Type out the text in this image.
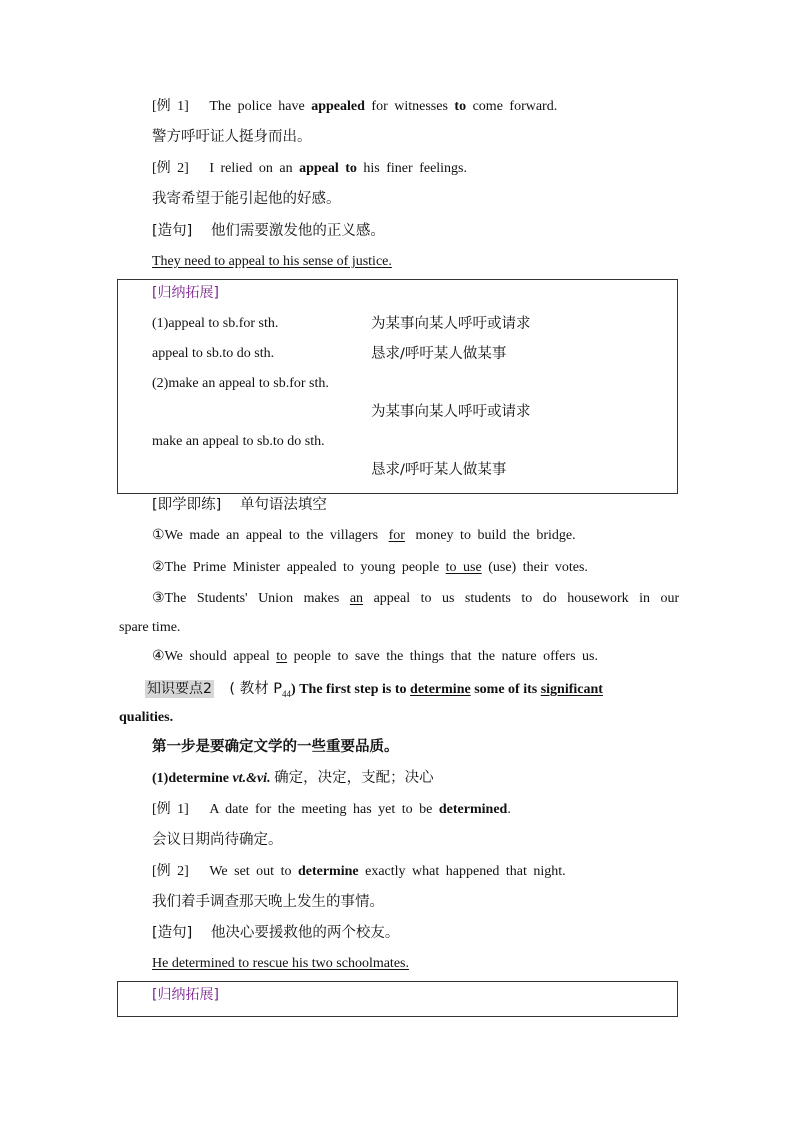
[例 1] The police have appealed for witnesses to come forward.
警方呼吁证人挺身而出。
[例 2] I relied on an appeal to his finer feelings.
我寄希望于能引起他的好感。
[造句] 他们需要激发他的正义感。
They need to appeal to his sense of justice.
[归纳拓展]
(1)appeal to sb.for sth.	为某事向某人呼吁或请求
appeal to sb.to do sth.	恳求/呼吁某人做某事
(2)make an appeal to sb.for sth.
为某事向某人呼吁或请求
make an appeal to sb.to do sth.
恳求/呼吁某人做某事
[即学即练] 单句语法填空
①We made an appeal to the villagers for money to build the bridge.
②The Prime Minister appealed to young people to use (use) their votes.
③The Students' Union makes an appeal to us students to do housework in our
spare time.
④We should appeal to people to save the things that the nature offers us.
知识要点2 ( 教材 $P_{44}$) The first step is to determine some of its significant
qualities.
第一步是要确定文学的一些重要品质。
(1)determine vt.&vi. 确定，决定，支配；决心
[例 1] A date for the meeting has yet to be determined.
会议日期尚待确定。
[例 2] We set out to determine exactly what happened that night.
我们着手调查那天晚上发生的事情。
[造句] 他决心要援救他的两个校友。
He determined to rescue his two schoolmates.
[归纳拓展]
